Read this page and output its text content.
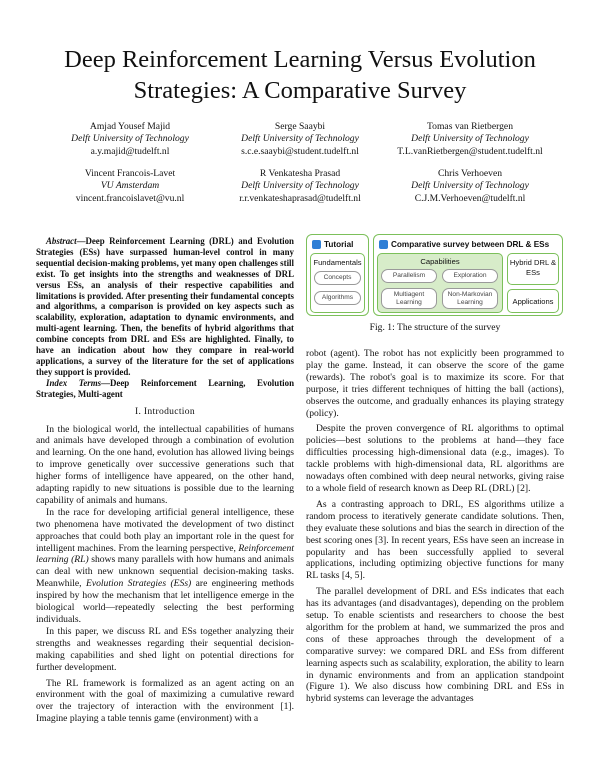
Deep Reinforcement Learning Versus Evolution
Strategies: A Comparative Survey
Amjad Yousef Majid
Delft University of Technology
a.y.majid@tudelft.nl
Serge Saaybi
Delft University of Technology
s.c.e.saaybi@student.tudelft.nl
Tomas van Rietbergen
Delft University of Technology
T.L.vanRietbergen@student.tudelft.nl
Vincent Francois-Lavet
VU Amsterdam
vincent.francoislavet@vu.nl
R Venkatesha Prasad
Delft University of Technology
r.r.venkateshaprasad@tudelft.nl
Chris Verhoeven
Delft University of Technology
C.J.M.Verhoeven@tudelft.nl

Abstract—Deep Reinforcement Learning (DRL) and Evolution Strategies (ESs) have surpassed human-level control in many sequential decision-making problems, yet many open challenges still exist. To get insights into the strengths and weaknesses of DRL versus ESs, an analysis of their respective capabilities and limitations is provided. After presenting their fundamental concepts and algorithms, a comparison is provided on key aspects such as scalability, exploration, adaptation to dynamic environments, and multi-agent learning. Then, the benefits of hybrid algorithms that combine concepts from DRL and ESs are highlighted. Finally, to have an indication about how they compare in real-world applications, a survey of the literature for the set of applications they support is provided.

Index Terms—Deep Reinforcement Learning, Evolution Strategies, Multi-agent

I. Introduction

In the biological world, the intellectual capabilities of humans and animals have developed through a combination of evolution and learning. On the one hand, evolution has allowed living beings to improve genetically over successive generations such that higher forms of intelligence have appeared, on the other hand, adapting rapidly to new situations is possible due to the learning capability of animals and humans.

In the race for developing artificial general intelligence, these two phenomena have motivated the development of two distinct approaches that could both play an important role in the quest for intelligent machines. From the learning perspective, Reinforcement learning (RL) shows many parallels with how humans and animals can deal with new unknown sequential decision-making tasks. Meanwhile, Evolution Strategies (ESs) are engineering methods inspired by how the mechanism that let intelligence emerge in the biological world—repeatedly selecting the best performing individuals.

In this paper, we discuss RL and ESs together analyzing their strengths and weaknesses regarding their sequential decision-making capabilities and shed light on potential directions for further development.

The RL framework is formalized as an agent acting on an environment with the goal of maximizing a cumulative reward over the trajectory of interaction with the environment [1]. Imagine playing a table tennis game (environment) with a

Tutorial
Fundamentals
Concepts
Algorithms
Comparative survey between DRL & ESs
Capabilities
Parallelism	Exploration
Multiagent Learning
Non-Markovian Learning
Hybrid DRL & ESs
Applications
Fig. 1: The structure of the survey

robot (agent). The robot has not explicitly been programmed to play the game. Instead, it can observe the score of the game (rewards). The robot's goal is to maximize its score. For that purpose, it tries different techniques of hitting the ball (actions), observes the outcome, and gradually enhances its playing strategy (policy).

Despite the proven convergence of RL algorithms to optimal policies—best solutions to the problems at hand—they face difficulties processing high-dimensional data (e.g., images). To tackle problems with high-dimensional data, RL algorithms are nowadays often combined with deep neural networks, giving raise to a whole field of research known as Deep RL (DRL) [2].

As a contrasting approach to DRL, ES algorithms utilize a random process to iteratively generate candidate solutions. Then, they evaluate these solutions and bias the search in direction of the best scoring ones [3]. In recent years, ESs have seen an increase in popularity and has been successfully applied to several applications, including optimizing objective functions for many RL tasks [4, 5].

The parallel development of DRL and ESs indicates that each has its advantages (and disadvantages), depending on the problem setup. To enable scientists and researchers to choose the best algorithm for the problem at hand, we summarized the pros and cons of these approaches through the development of a comparative survey: we compared DRL and ESs from different learning aspects such as scalability, exploration, the ability to learn in dynamic environments and from an application standpoint (Figure 1). We also discuss how combining DRL and ESs in hybrid systems can leverage the advantages
